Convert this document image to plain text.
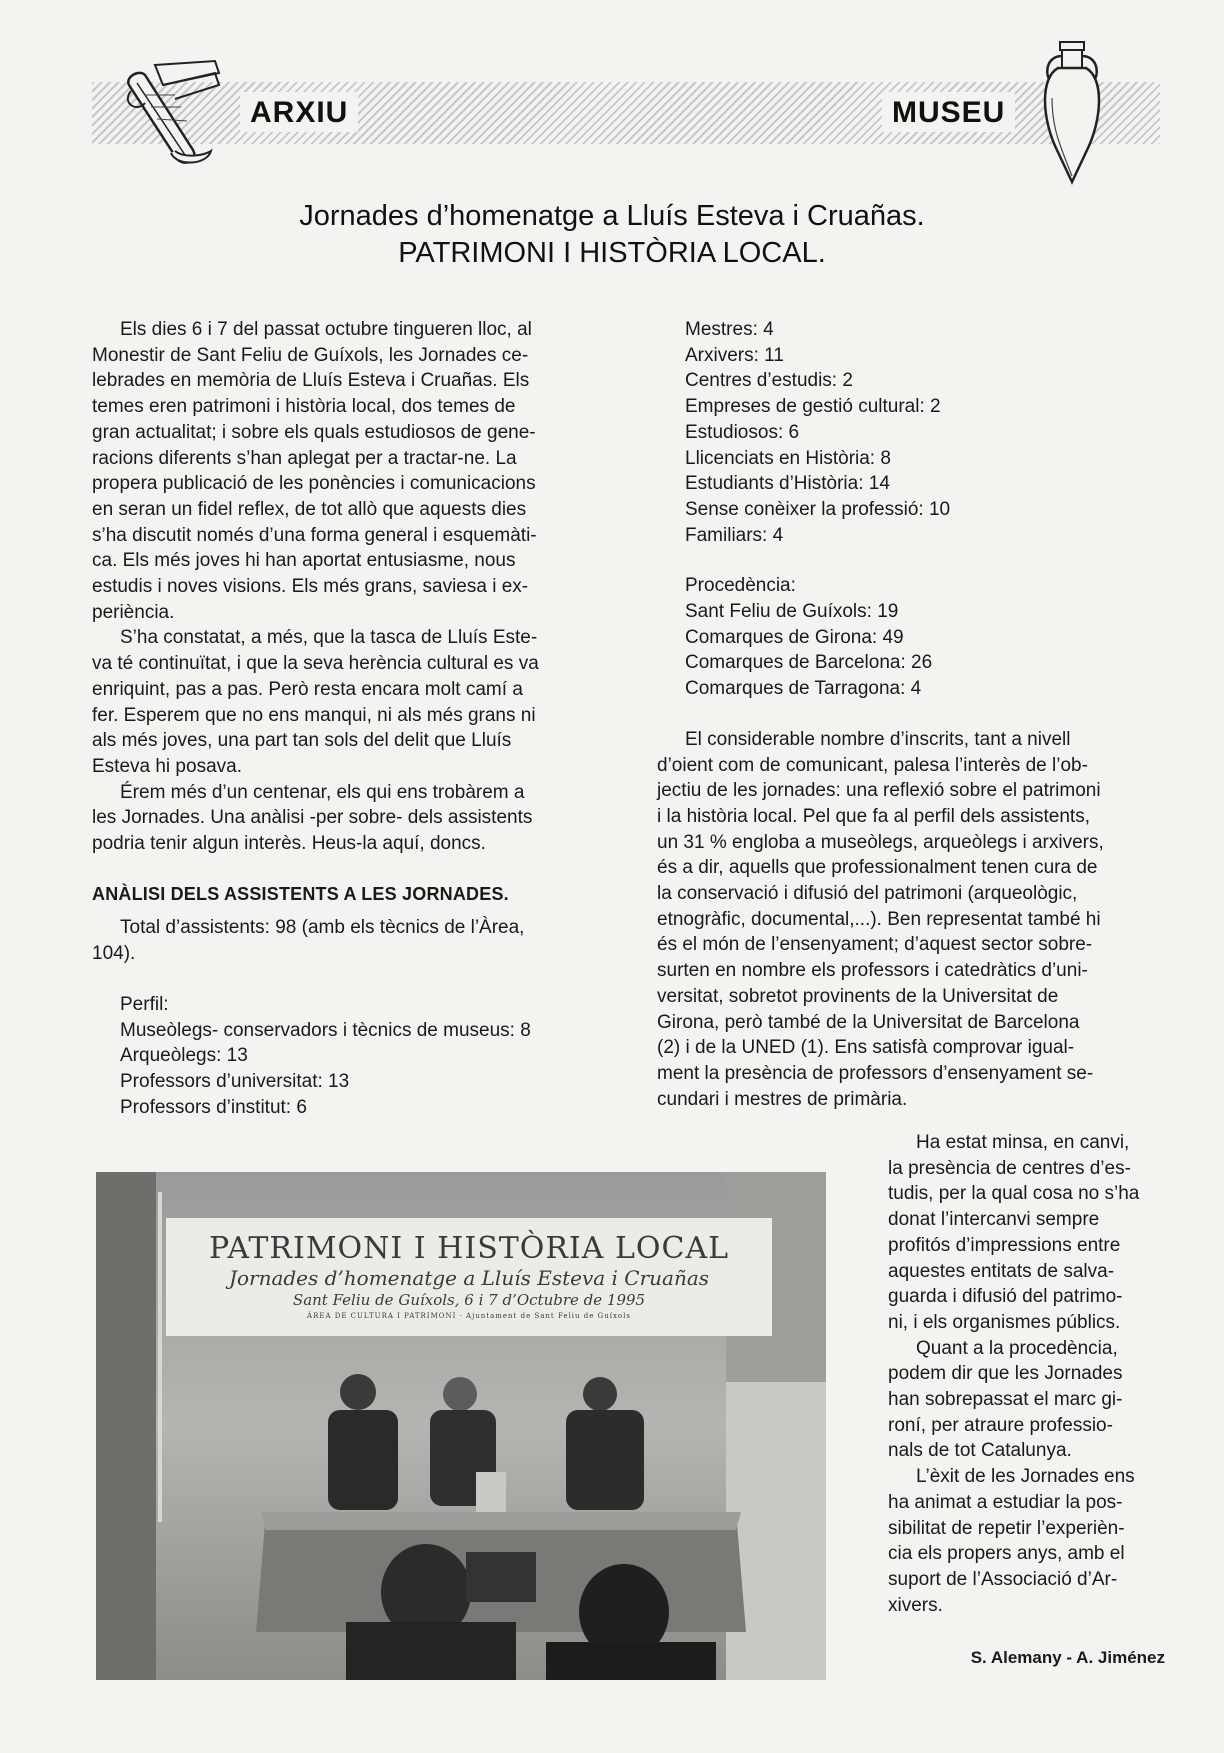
ARXIU	MUSEU
Jornades d’homenatge a Lluís Esteva i Cruañas.
PATRIMONI I HISTÒRIA LOCAL.

Els dies 6 i 7 del passat octubre tingueren lloc, al
Monestir de Sant Feliu de Guíxols, les Jornades ce-
lebrades en memòria de Lluís Esteva i Cruañas. Els
temes eren patrimoni i història local, dos temes de
gran actualitat; i sobre els quals estudiosos de gene-
racions diferents s’han aplegat per a tractar-ne. La
propera publicació de les ponències i comunicacions
en seran un fidel reflex, de tot allò que aquests dies
s’ha discutit només d’una forma general i esquemàti-
ca. Els més joves hi han aportat entusiasme, nous
estudis i noves visions. Els més grans, saviesa i ex-
periència.

S’ha constatat, a més, que la tasca de Lluís Este-
va té continuïtat, i que la seva herència cultural es va
enriquint, pas a pas. Però resta encara molt camí a
fer. Esperem que no ens manqui, ni als més grans ni
als més joves, una part tan sols del delit que Lluís
Esteva hi posava.

Érem més d’un centenar, els qui ens trobàrem a
les Jornades. Una anàlisi -per sobre- dels assistents
podria tenir algun interès. Heus-la aquí, doncs.

ANÀLISI DELS ASSISTENTS A LES JORNADES.

Total d’assistents: 98 (amb els tècnics de l’Àrea,
104).

Perfil:
Museòlegs- conservadors i tècnics de museus: 8
Arqueòlegs: 13
Professors d’universitat: 13
Professors d’institut: 6
Mestres: 4
Arxivers: 11
Centres d’estudis: 2
Empreses de gestió cultural: 2
Estudiosos: 6
Llicenciats en Història: 8
Estudiants d’Història: 14
Sense conèixer la professió: 10
Familiars: 4
Procedència:
Sant Feliu de Guíxols: 19
Comarques de Girona: 49
Comarques de Barcelona: 26
Comarques de Tarragona: 4

El considerable nombre d’inscrits, tant a nivell
d’oient com de comunicant, palesa l’interès de l’ob-
jectiu de les jornades: una reflexió sobre el patrimoni
i la història local. Pel que fa al perfil dels assistents,
un 31 % engloba a museòlegs, arqueòlegs i arxivers,
és a dir, aquells que professionalment tenen cura de
la conservació i difusió del patrimoni (arqueològic,
etnogràfic, documental,...). Ben representat també hi
és el món de l’ensenyament; d’aquest sector sobre-
surten en nombre els professors i catedràtics d’uni-
versitat, sobretot provinents de la Universitat de
Girona, però també de la Universitat de Barcelona
(2) i de la UNED (1). Ens satisfà comprovar igual-
ment la presència de professors d’ensenyament se-
cundari i mestres de primària.

Ha estat minsa, en canvi,
la presència de centres d’es-
tudis, per la qual cosa no s’ha
donat l’intercanvi sempre
profitós d’impressions entre
aquestes entitats de salva-
guarda i difusió del patrimo-
ni, i els organismes públics.

Quant a la procedència,
podem dir que les Jornades
han sobrepassat el marc gi-
roní, per atraure professio-
nals de tot Catalunya.

L’èxit de les Jornades ens
ha animat a estudiar la pos-
sibilitat de repetir l’experièn-
cia els propers anys, amb el
suport de l’Associació d’Ar-
xivers.

S. Alemany - A. Jiménez
PATRIMONI I HISTÒRIA LOCAL
Jornades d’homenatge a Lluís Esteva i Cruañas
Sant Feliu de Guíxols, 6 i 7 d’Octubre de 1995
ÀREA DE CULTURA I PATRIMONI · Ajuntament de Sant Feliu de Guíxols
